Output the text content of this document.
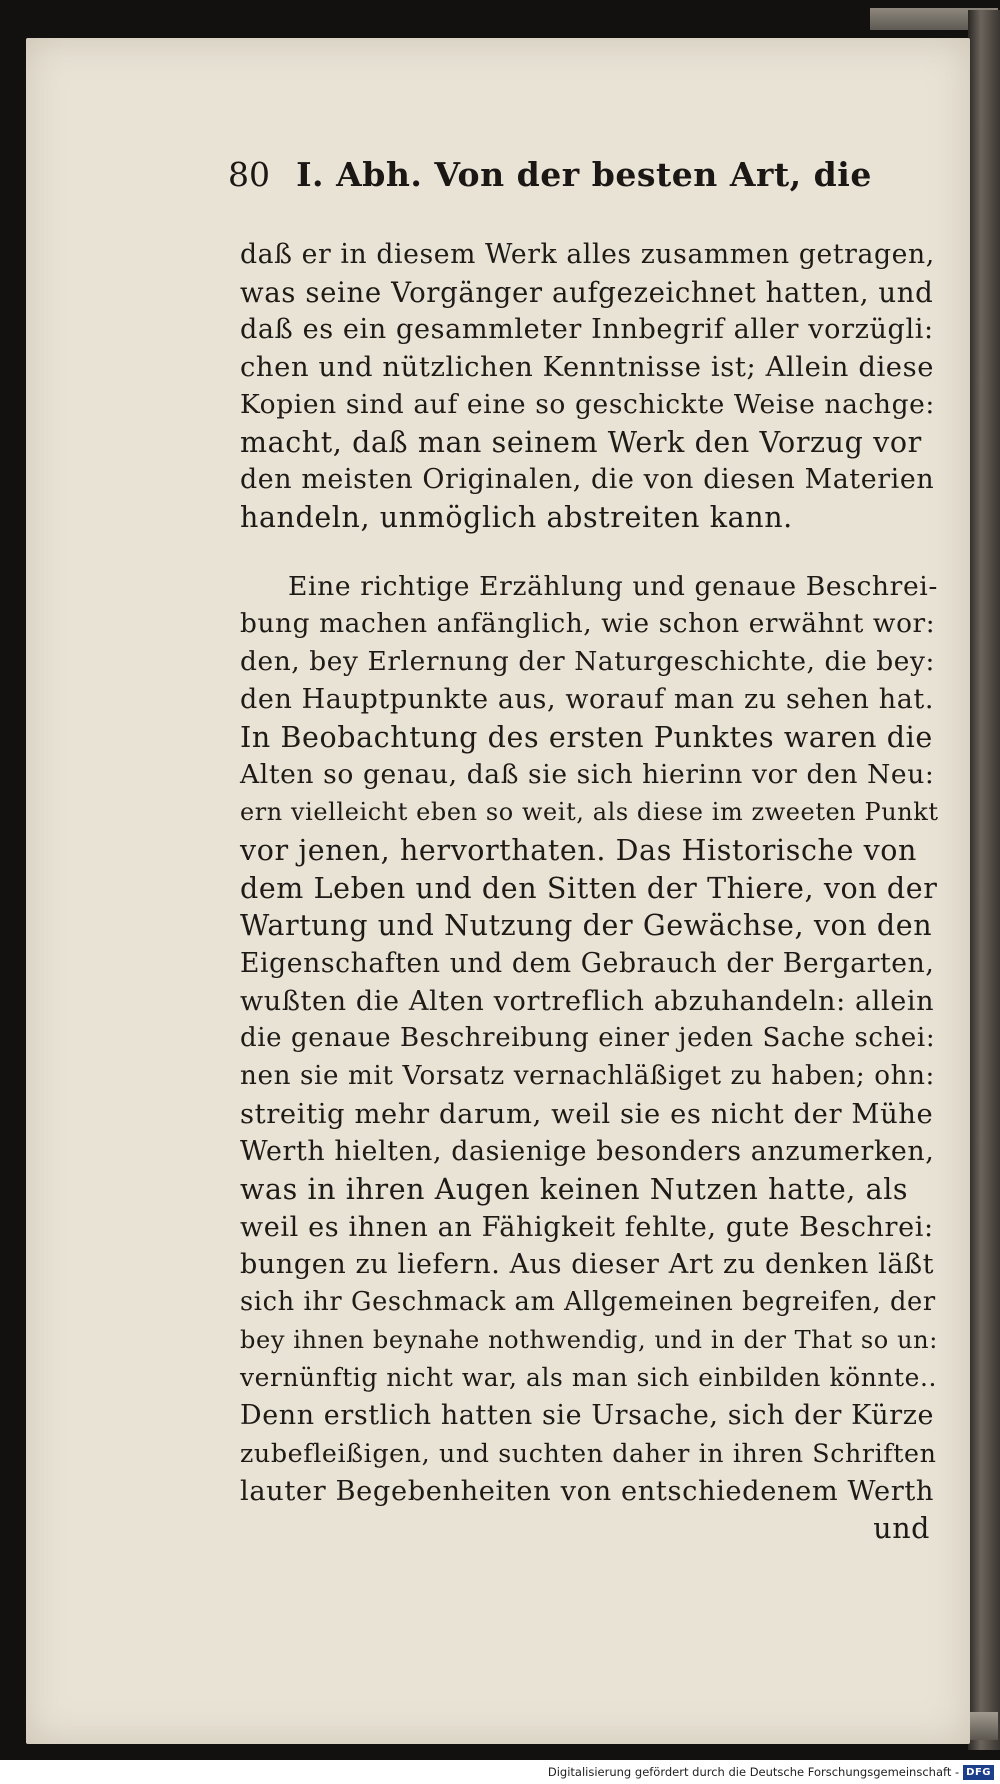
80 I. Abh. Von der besten Art, die
daß er in diesem Werk alles zusammen getragen,
was seine Vorgänger aufgezeichnet hatten, und
daß es ein gesammleter Innbegrif aller vorzügli:
chen und nützlichen Kenntnisse ist; Allein diese
Kopien sind auf eine so geschickte Weise nachge:
macht, daß man seinem Werk den Vorzug vor
den meisten Originalen, die von diesen Materien
handeln, unmöglich abstreiten kann.
Eine richtige Erzählung und genaue Beschrei-
bung machen anfänglich, wie schon erwähnt wor:
den, bey Erlernung der Naturgeschichte, die bey:
den Hauptpunkte aus, worauf man zu sehen hat.
In Beobachtung des ersten Punktes waren die
Alten so genau, daß sie sich hierinn vor den Neu:
ern vielleicht eben so weit, als diese im zweeten Punkt
vor jenen, hervorthaten. Das Historische von
dem Leben und den Sitten der Thiere, von der
Wartung und Nutzung der Gewächse, von den
Eigenschaften und dem Gebrauch der Bergarten,
wußten die Alten vortreflich abzuhandeln: allein
die genaue Beschreibung einer jeden Sache schei:
nen sie mit Vorsatz vernachläßiget zu haben; ohn:
streitig mehr darum, weil sie es nicht der Mühe
Werth hielten, dasienige besonders anzumerken,
was in ihren Augen keinen Nutzen hatte, als
weil es ihnen an Fähigkeit fehlte, gute Beschrei:
bungen zu liefern. Aus dieser Art zu denken läßt
sich ihr Geschmack am Allgemeinen begreifen, der
bey ihnen beynahe nothwendig, und in der That so un:
vernünftig nicht war, als man sich einbilden könnte..
Denn erstlich hatten sie Ursache, sich der Kürze
zubefleißigen, und suchten daher in ihren Schriften
lauter Begebenheiten von entschiedenem Werth
und
Digitalisierung gefördert durch die Deutsche Forschungsgemeinschaft - DFG
